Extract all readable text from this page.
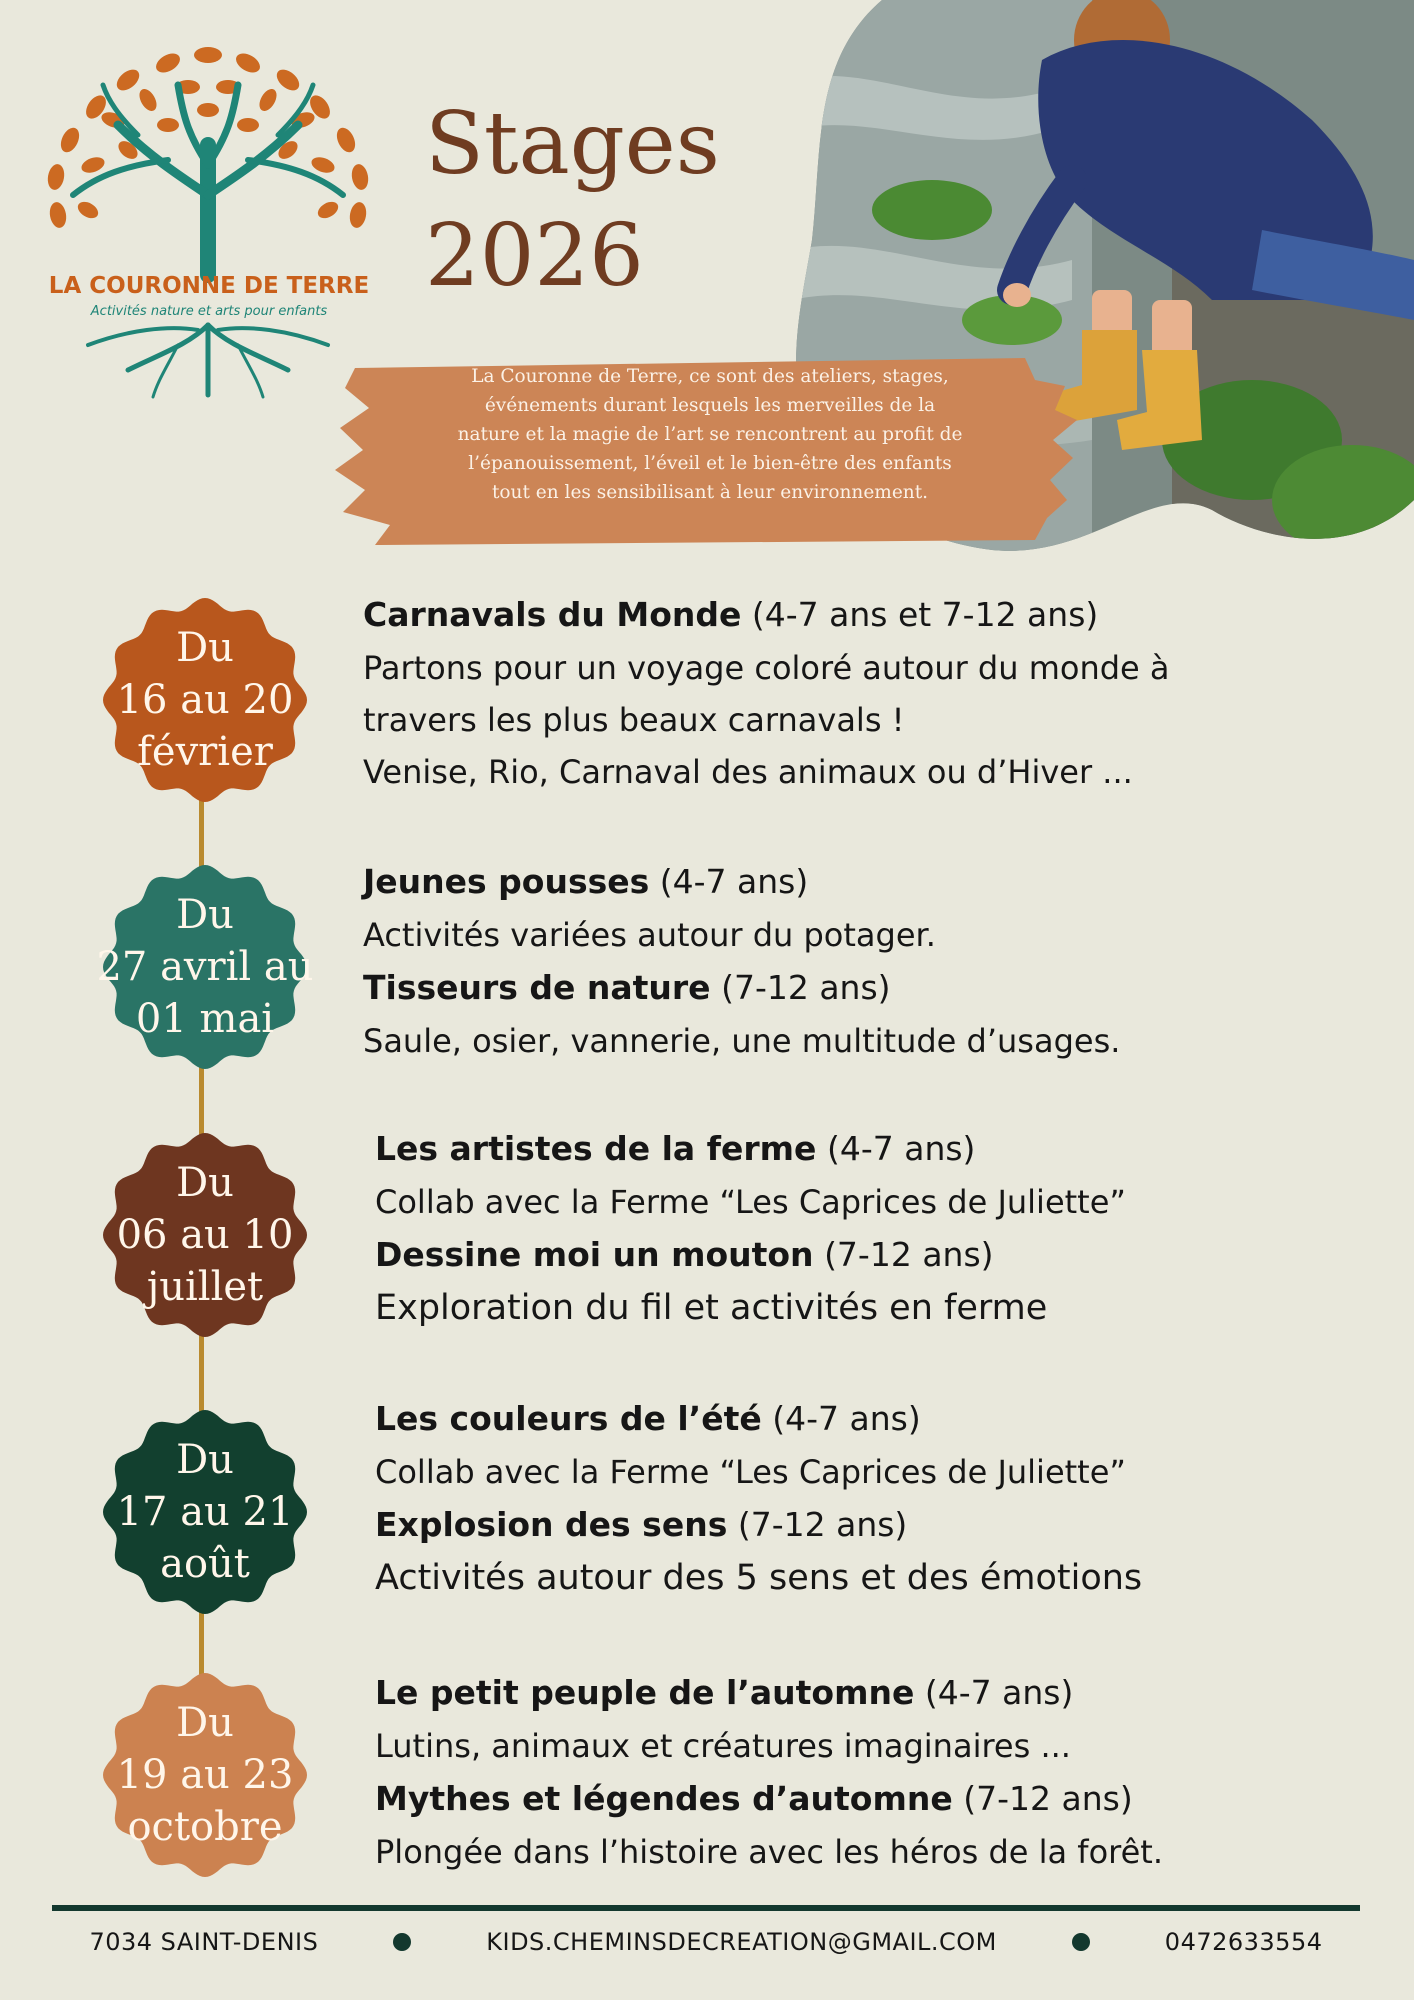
LA COURONNE DE TERRE
Activités nature et arts pour enfants
Stages
2026
La Couronne de Terre, ce sont des ateliers, stages,
événements durant lesquels les merveilles de la
nature et la magie de l’art se rencontrent au profit de
l’épanouissement, l’éveil et le bien-être des enfants
tout en les sensibilisant à leur environnement.
Du
16 au 20
février
Du
27 avril au
01 mai
Du
06 au 10
juillet
Du
17 au 21
août
Du
19 au 23
octobre
Carnavals du Monde (4-7 ans et 7-12 ans)
Partons pour un voyage coloré autour du monde à
travers les plus beaux carnavals !
Venise, Rio, Carnaval des animaux ou d’Hiver ...
Jeunes pousses (4-7 ans)
Activités variées autour du potager.
Tisseurs de nature (7-12 ans)
Saule, osier, vannerie, une multitude d’usages.
Les artistes de la ferme (4-7 ans)
Collab avec la Ferme “Les Caprices de Juliette”
Dessine moi un mouton (7-12 ans)
Exploration du fil et activités en ferme
Les couleurs de l’été (4-7 ans)
Collab avec la Ferme “Les Caprices de Juliette”
Explosion des sens (7-12 ans)
Activités autour des 5 sens et des émotions
Le petit peuple de l’automne (4-7 ans)
Lutins, animaux et créatures imaginaires ...
Mythes et légendes d’automne (7-12 ans)
Plongée dans l’histoire avec les héros de la forêt.
7034 SAINT-DENIS	KIDS.CHEMINSDECREATION@GMAIL.COM	0472633554
